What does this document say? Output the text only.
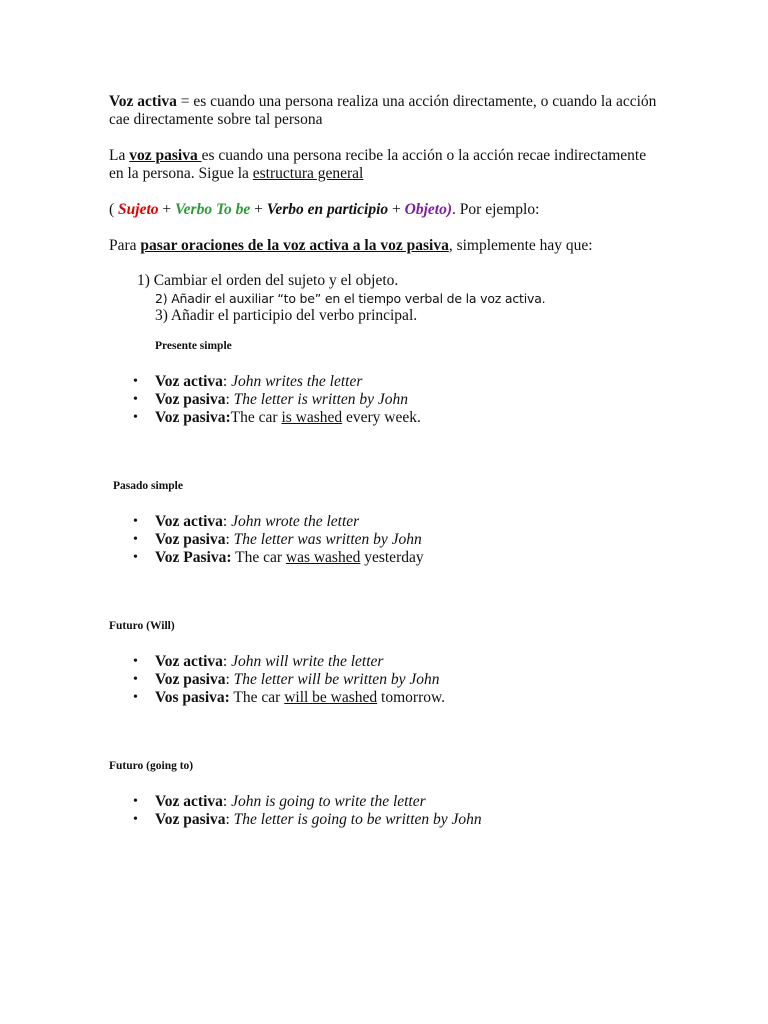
Voz activa = es cuando una persona realiza una acción directamente, o cuando la acción
cae directamente sobre tal persona
La voz pasiva es cuando una persona recibe la acción o la acción recae indirectamente
en la persona. Sigue la estructura general
( Sujeto + Verbo To be + Verbo en participio + Objeto). Por ejemplo:
Para pasar oraciones de la voz activa a la voz pasiva, simplemente hay que:
1) Cambiar el orden del sujeto y el objeto.
2) Añadir el auxiliar “to be” en el tiempo verbal de la voz activa.
3) Añadir el participio del verbo principal.
Presente simple
• Voz activa: John writes the letter
• Voz pasiva: The letter is written by John
• Voz pasiva:The car is washed every week.
Pasado simple
• Voz activa: John wrote the letter
• Voz pasiva: The letter was written by John
• Voz Pasiva: The car was washed yesterday
Futuro (Will)
• Voz activa: John will write the letter
• Voz pasiva: The letter will be written by John
• Vos pasiva: The car will be washed tomorrow.
Futuro (going to)
• Voz activa: John is going to write the letter
• Voz pasiva: The letter is going to be written by John
